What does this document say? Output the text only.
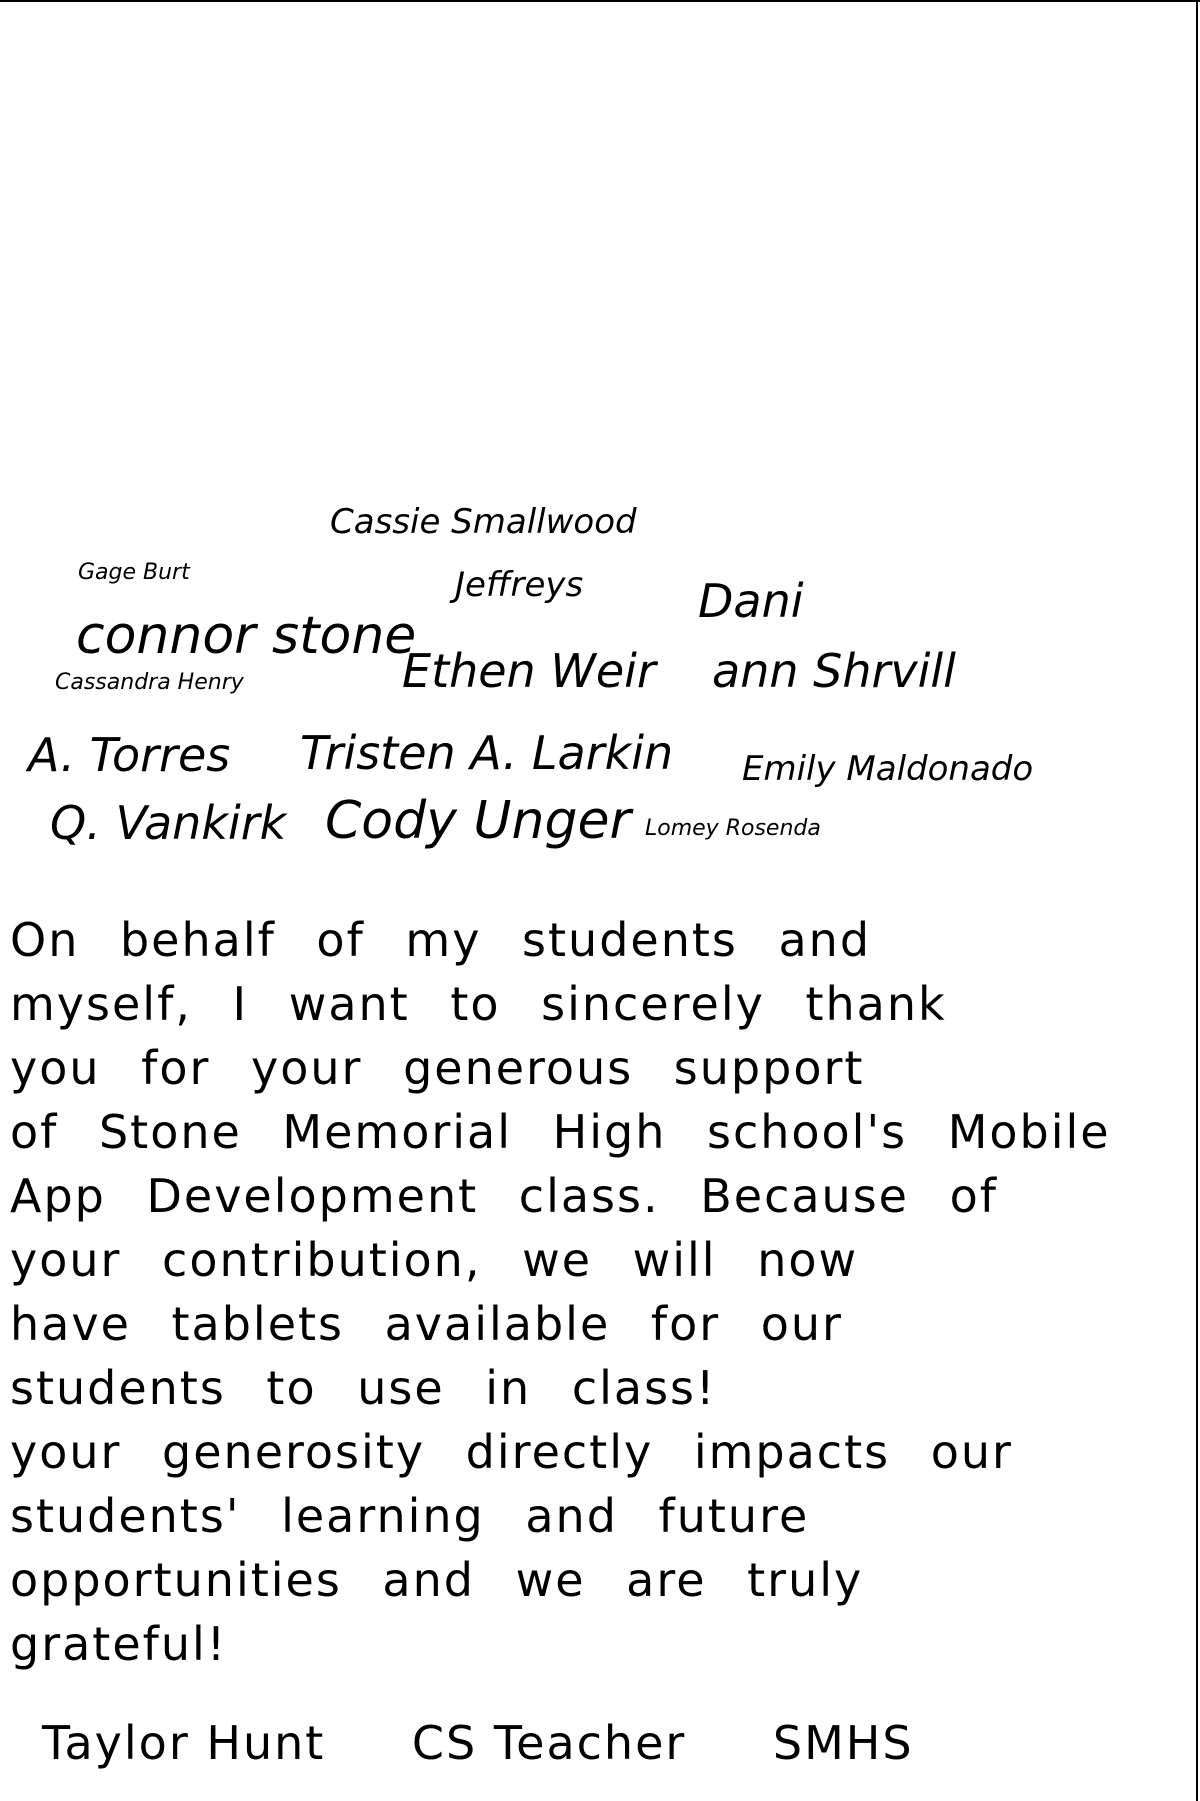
Cassie Smallwood
Gage Burt	Jeffreys Dani
connor stone
Cassandra Henry	Ethen Weir ann Shrvill
A. Torres Tristen A. Larkin Emily Maldonado
Q. Vankirk Cody Unger Lomey Rosenda
On behalf of my students and
myself, I want to sincerely thank
you for your generous support
of Stone Memorial High school's Mobile
App Development class. Because of
your contribution, we will now
have tablets available for our
students to use in class!
your generosity directly impacts our
students' learning and future
opportunities and we are truly
grateful!
Taylor Hunt CS Teacher SMHS
